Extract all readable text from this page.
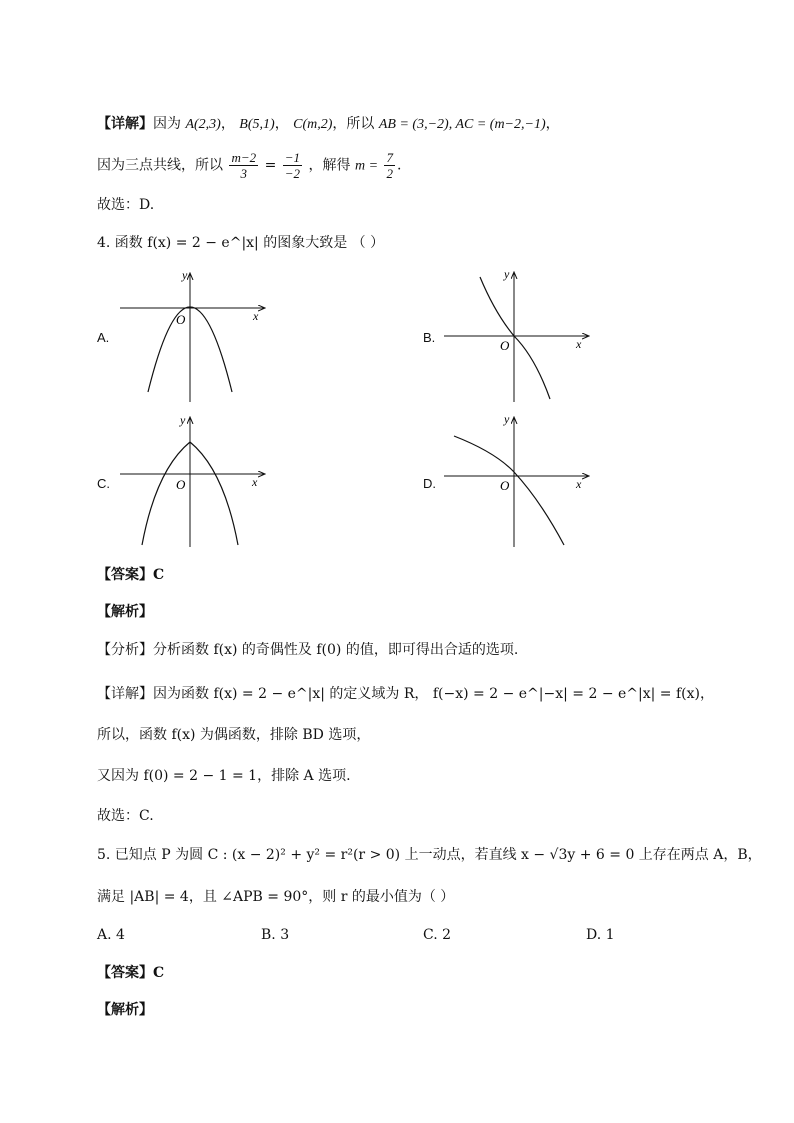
【详解】因为 A(2,3)， B(5,1)， C(m,2)，所以 AB = (3,−2), AC = (m−2,−1)，
因为三点共线，所以 $\frac{m-2}{3} = \frac{-1}{-2}$ ，解得 $m = \frac{7}{2}$ .
故选：D.
4. 函数 f(x) = 2 − e^|x| 的图象大致是 （ ）
A.	B.
C.	D.
y
x
O
y
x
O
y
x
O
y
x
O
【答案】C
【解析】
【分析】分析函数 f(x) 的奇偶性及 f(0) 的值，即可得出合适的选项.
【详解】因为函数 f(x) = 2 − e^|x| 的定义域为 R， f(−x) = 2 − e^|−x| = 2 − e^|x| = f(x)，
所以，函数 f(x) 为偶函数，排除 BD 选项，
又因为 f(0) = 2 − 1 = 1，排除 A 选项.
故选：C.
5. 已知点 P 为圆 C : (x − 2)² + y² = r²(r > 0) 上一动点，若直线 x − √3y + 6 = 0 上存在两点 A，B，
满足 |AB| = 4，且 ∠APB = 90°，则 r 的最小值为（ ）
A. 4	B. 3	C. 2	D. 1
【答案】C
【解析】
